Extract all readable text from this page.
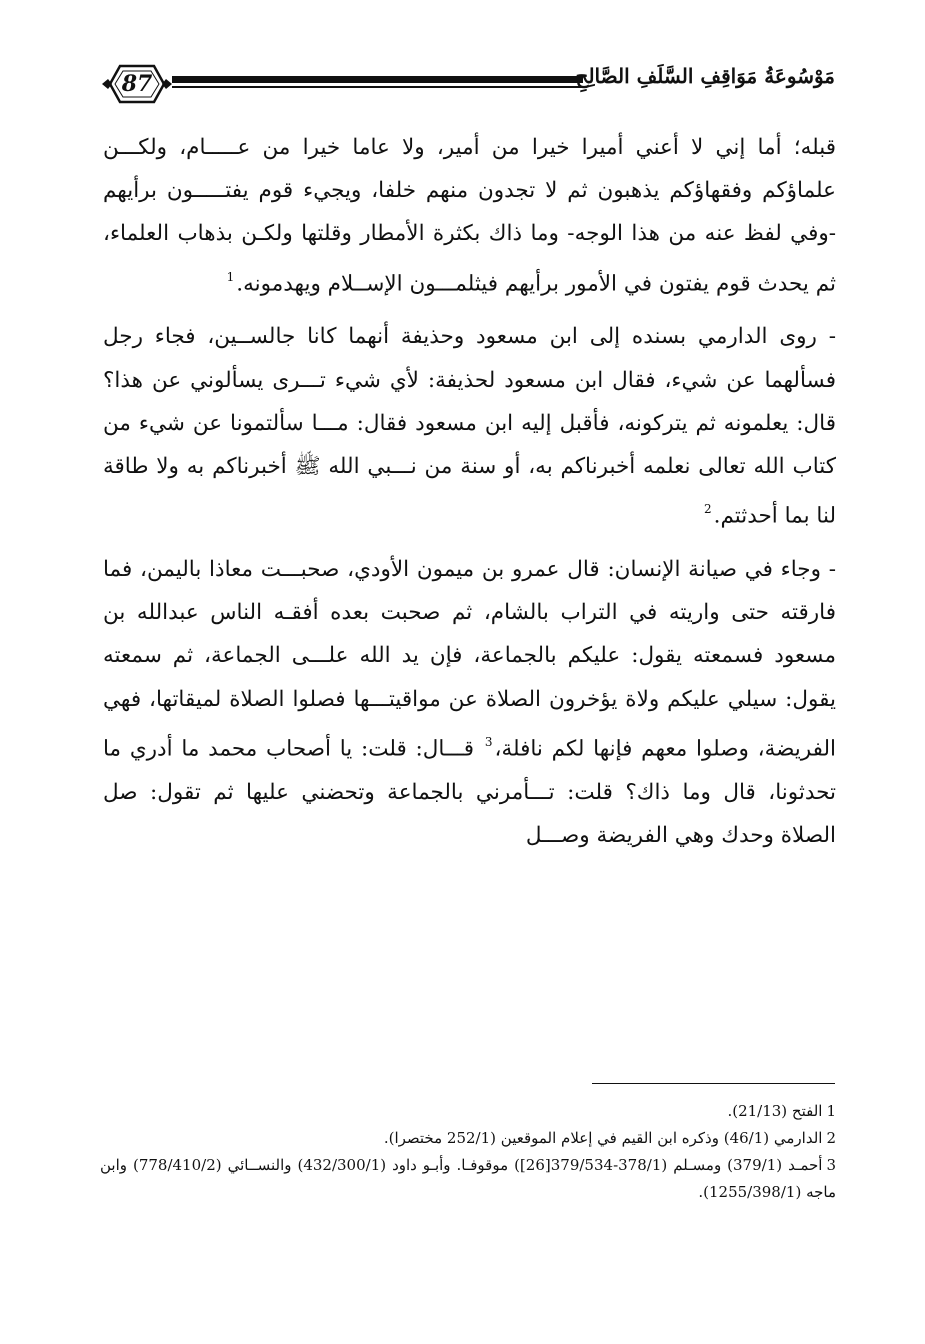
87	مَوْسُوعَةُ مَوَاقِفِ السَّلَفِ الصَّالِحِ

قبله؛ أما إني لا أعني أميرا خيرا من أمير، ولا عاما خيرا من عـــــام، ولكـــن علماؤكم وفقهاؤكم يذهبون ثم لا تجدون منهم خلفا، ويجيء قوم يفتـــــون برأيهم -وفي لفظ عنه من هذا الوجه- وما ذاك بكثرة الأمطار وقلتها ولكـن بذهاب العلماء، ثم يحدث قوم يفتون في الأمور برأيهم فيثلمـــون الإســلام ويهدمونه.$^1$

- روى الدارمي بسنده إلى ابن مسعود وحذيفة أنهما كانا جالســين، فجاء رجل فسألهما عن شيء، فقال ابن مسعود لحذيفة: لأي شيء تـــرى يسألوني عن هذا؟ قال: يعلمونه ثم يتركونه، فأقبل إليه ابن مسعود فقال: مـــا سألتمونا عن شيء من كتاب الله تعالى نعلمه أخبرناكم به، أو سنة من نـــبي الله ﷺ أخبرناكم به ولا طاقة لنا بما أحدثتم.$^2$

- وجاء في صيانة الإنسان: قال عمرو بن ميمون الأودي، صحبـــت معاذا باليمن، فما فارقته حتى واريته في التراب بالشام، ثم صحبت بعده أفقـه الناس عبدالله بن مسعود فسمعته يقول: عليكم بالجماعة، فإن يد الله علـــى الجماعة، ثم سمعته يقول: سيلي عليكم ولاة يؤخرون الصلاة عن مواقيتـــها فصلوا الصلاة لميقاتها، فهي الفريضة، وصلوا معهم فإنها لكم نافلة،$^3$ قـــال: قلت: يا أصحاب محمد ما أدري ما تحدثونا، قال وما ذاك؟ قلت: تـــأمرني بالجماعة وتحضني عليها ثم تقول: صل الصلاة وحدك وهي الفريضة وصـــل

1الفتح (21/13).

2الدارمي (46/1) وذكره ابن القيم في إعلام الموقعين (252/1 مختصرا).

3أحمـد (379/1) ومسـلم (378/1-379/534[26]) موقوفـا. وأبـو داود (432/300/1) والنســائي (778/410/2) وابن ماجه (1255/398/1).
